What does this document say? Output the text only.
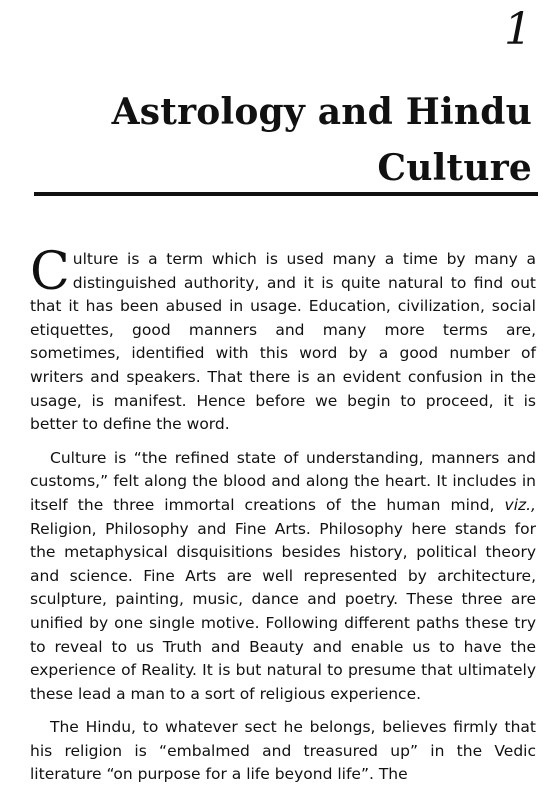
1
Astrology and Hindu
Culture

Culture is a term which is used many a time by many a distinguished authority, and it is quite natural to find out that it has been abused in usage. Education, civilization, social etiquettes, good manners and many more terms are, sometimes, identified with this word by a good number of writers and speakers. That there is an evident confusion in the usage, is manifest. Hence before we begin to proceed, it is better to define the word.

Culture is “the refined state of understanding, manners and customs,” felt along the blood and along the heart. It includes in itself the three immortal creations of the human mind, viz., Religion, Philosophy and Fine Arts. Philosophy here stands for the metaphysical disquisitions besides history, political theory and science. Fine Arts are well represented by architecture, sculpture, painting, music, dance and poetry. These three are unified by one single motive. Following different paths these try to reveal to us Truth and Beauty and enable us to have the experience of Reality. It is but natural to presume that ultimately these lead a man to a sort of religious experience.

The Hindu, to whatever sect he belongs, believes firmly that his religion is “embalmed and treasured up” in the Vedic literature “on purpose for a life beyond life”. The
